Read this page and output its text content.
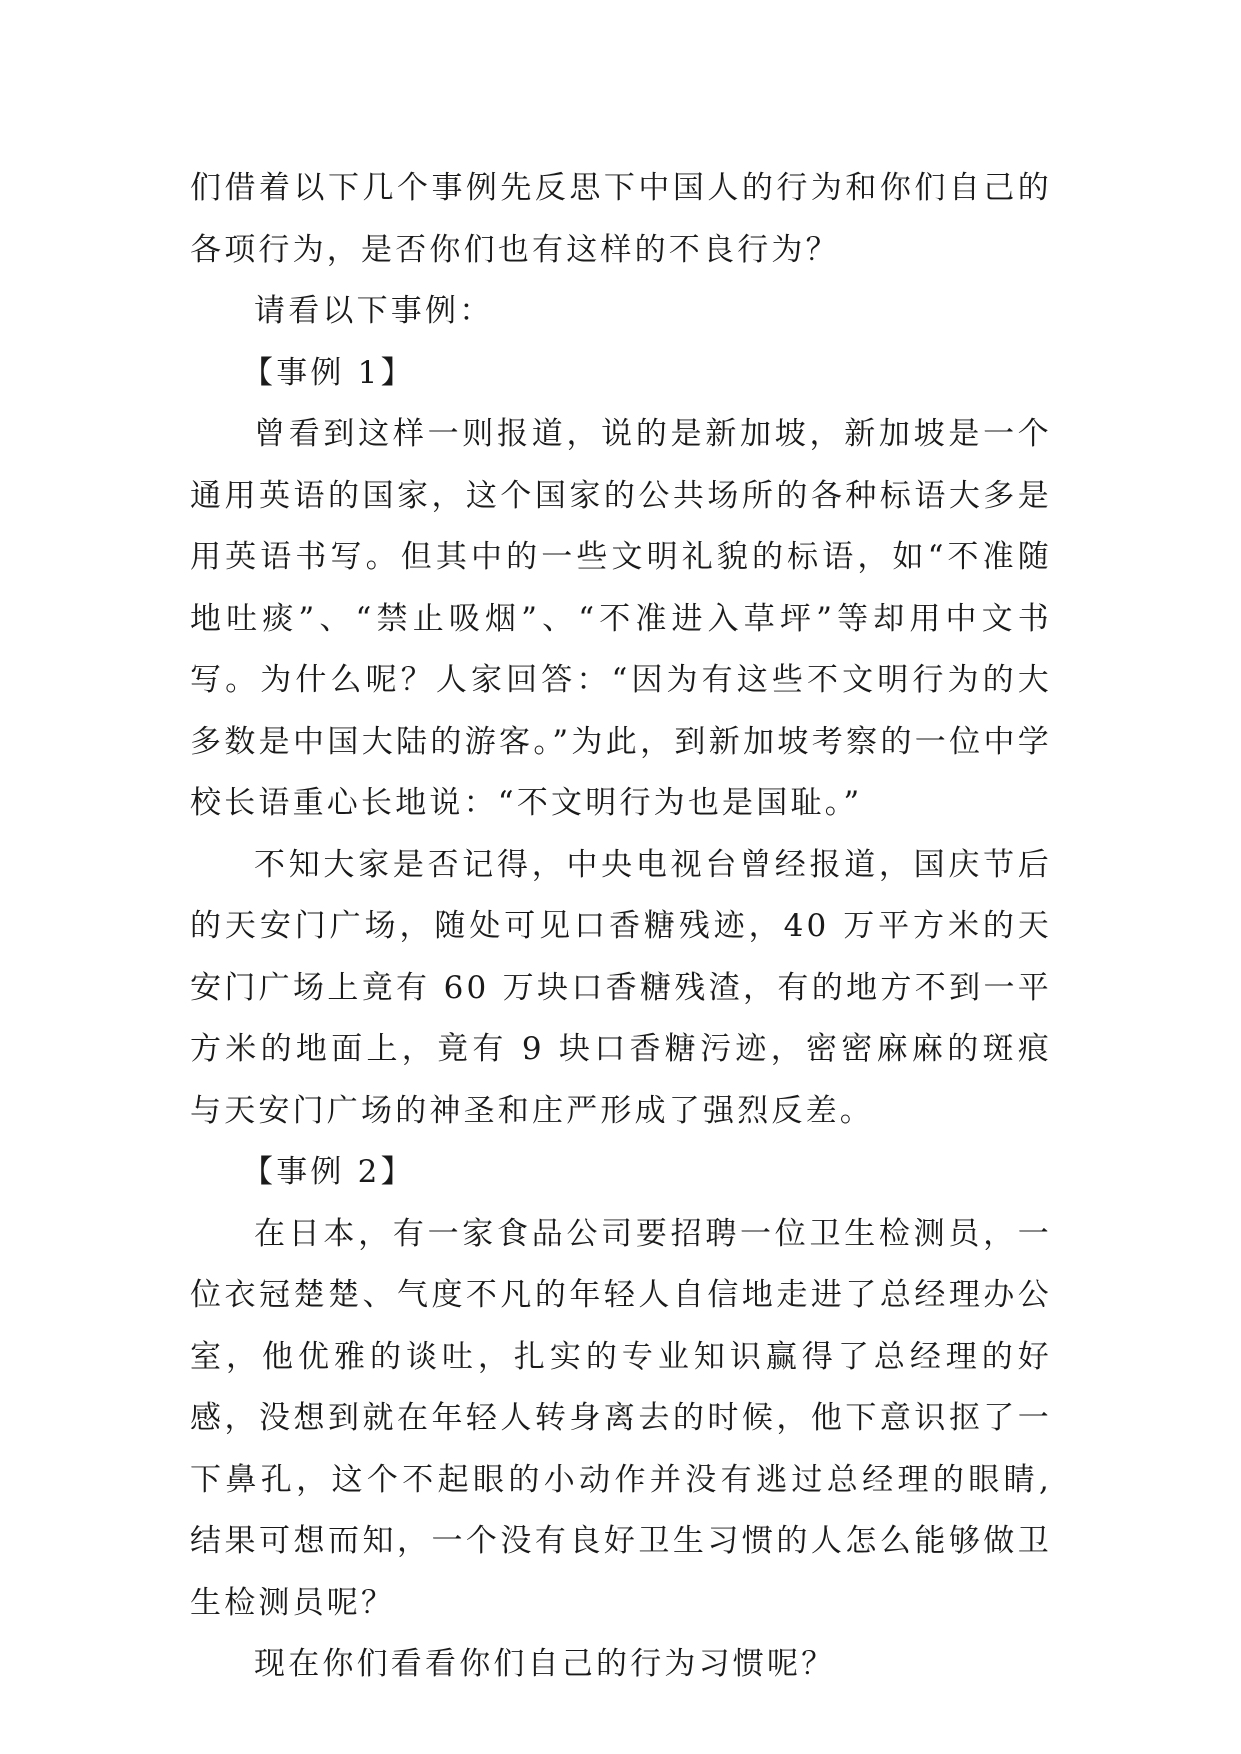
们借着以下几个事例先反思下中国人的行为和你们自己的各项行为，是否你们也有这样的不良行为？

请看以下事例：

【事例 1】

曾看到这样一则报道，说的是新加坡，新加坡是一个通用英语的国家，这个国家的公共场所的各种标语大多是用英语书写。但其中的一些文明礼貌的标语，如“不准随地吐痰”、“禁止吸烟”、“不准进入草坪”等却用中文书写。为什么呢？人家回答：“因为有这些不文明行为的大多数是中国大陆的游客。”为此，到新加坡考察的一位中学校长语重心长地说：“不文明行为也是国耻。”

不知大家是否记得，中央电视台曾经报道，国庆节后的天安门广场，随处可见口香糖残迹，40 万平方米的天安门广场上竟有 60 万块口香糖残渣，有的地方不到一平方米的地面上，竟有 9 块口香糖污迹，密密麻麻的斑痕与天安门广场的神圣和庄严形成了强烈反差。

【事例 2】

在日本，有一家食品公司要招聘一位卫生检测员，一位衣冠楚楚、气度不凡的年轻人自信地走进了总经理办公室，他优雅的谈吐，扎实的专业知识赢得了总经理的好感，没想到就在年轻人转身离去的时候，他下意识抠了一下鼻孔，这个不起眼的小动作并没有逃过总经理的眼睛,结果可想而知，一个没有良好卫生习惯的人怎么能够做卫生检测员呢？

现在你们看看你们自己的行为习惯呢？
